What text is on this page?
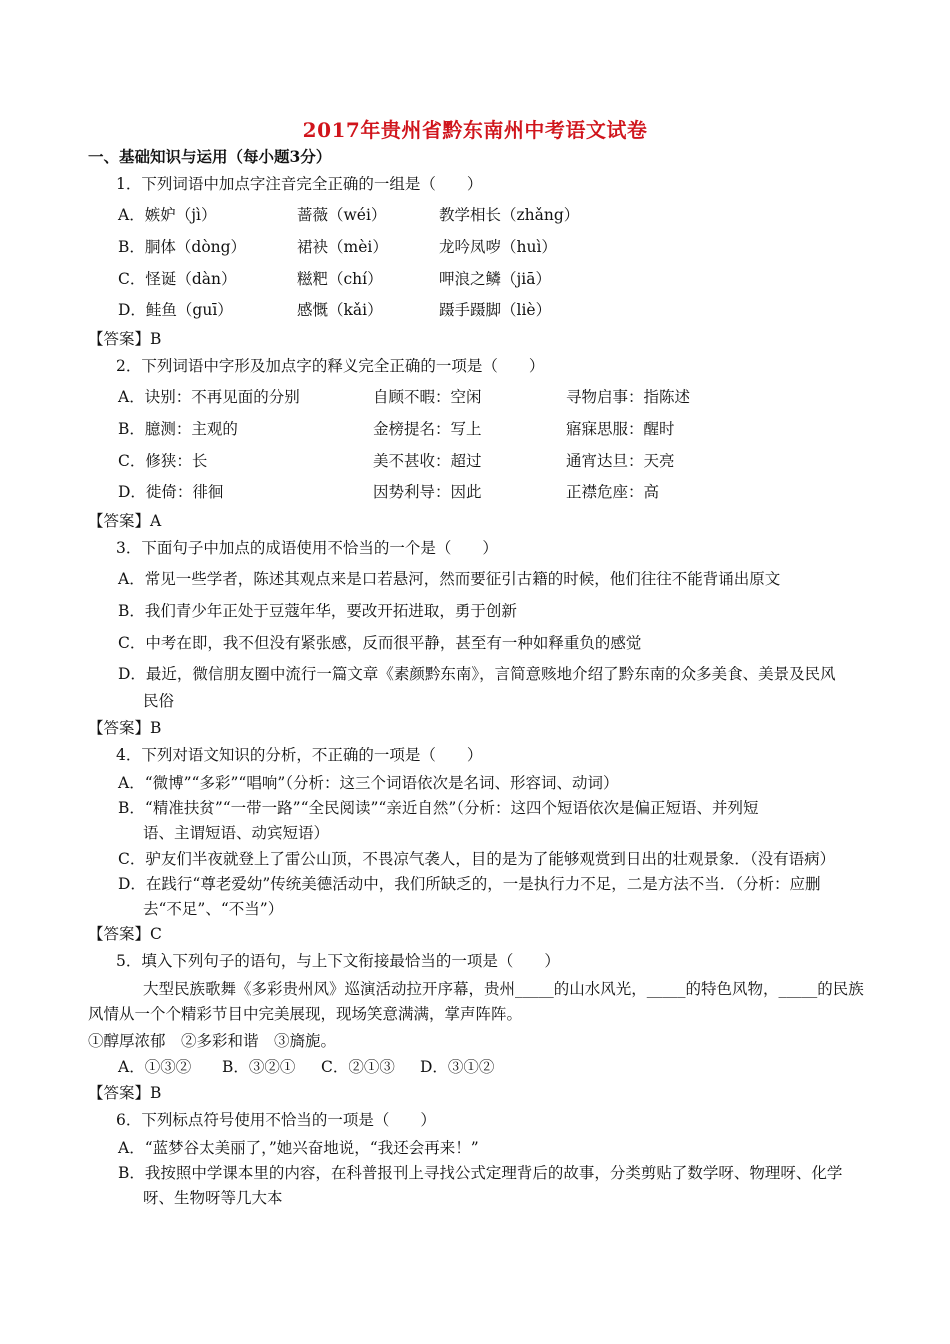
2017年贵州省黔东南州中考语文试卷
一、基础知识与运用（每小题3分）
1．下列词语中加点字注音完全正确的一组是（　　）
A．嫉妒（jì）	蔷薇（wéi）	教学相长（zhǎng）
B．胴体（dòng）	裙袂（mèi）	龙吟凤哕（huì）
C．怪诞（dàn）	糍粑（chí）	呷浪之鳞（jiā）
D．鲑鱼（guī）	感慨（kǎi）	蹑手蹑脚（liè）
【答案】B
2．下列词语中字形及加点字的释义完全正确的一项是（　　）
A．诀别：不再见面的分别	自顾不暇：空闲	寻物启事：指陈述
B．臆测：主观的	金榜提名：写上	寤寐思服：醒时
C．修狭：长	美不甚收：超过	通宵达旦：天亮
D．徙倚：徘徊	因势利导：因此	正襟危座：高
【答案】A
3．下面句子中加点的成语使用不恰当的一个是（　　）
A．常见一些学者，陈述其观点来是口若悬河，然而要征引古籍的时候，他们往往不能背诵出原文
B．我们青少年正处于豆蔻年华，要改开拓进取，勇于创新
C．中考在即，我不但没有紧张感，反而很平静，甚至有一种如释重负的感觉
D．最近，微信朋友圈中流行一篇文章《素颜黔东南》，言简意赅地介绍了黔东南的众多美食、美景及民风
民俗
【答案】B
4．下列对语文知识的分析，不正确的一项是（　　）
A．“微博”“多彩”“唱响”（分析：这三个词语依次是名词、形容词、动词）
B．“精准扶贫”“一带一路”“全民阅读”“亲近自然”（分析：这四个短语依次是偏正短语、并列短
语、主谓短语、动宾短语）
C．驴友们半夜就登上了雷公山顶，不畏凉气袭人，目的是为了能够观赏到日出的壮观景象．（没有语病）
D．在践行“尊老爱幼”传统美德活动中，我们所缺乏的，一是执行力不足，二是方法不当．（分析：应删
去“不足”、“不当”）
【答案】C
5．填入下列句子的语句，与上下文衔接最恰当的一项是（　　）
大型民族歌舞《多彩贵州风》巡演活动拉开序幕，贵州_____的山水风光，_____的特色风物，_____的民族
风情从一个个精彩节目中完美展现，现场笑意满满，掌声阵阵。
①醇厚浓郁　②多彩和谐　③旖旎。
A．①③② B．③②① C．②①③ D．③①②
【答案】B
6．下列标点符号使用不恰当的一项是（　　）
A．“蓝梦谷太美丽了，”她兴奋地说，“我还会再来！”
B．我按照中学课本里的内容，在科普报刊上寻找公式定理背后的故事，分类剪贴了数学呀、物理呀、化学
呀、生物呀等几大本
